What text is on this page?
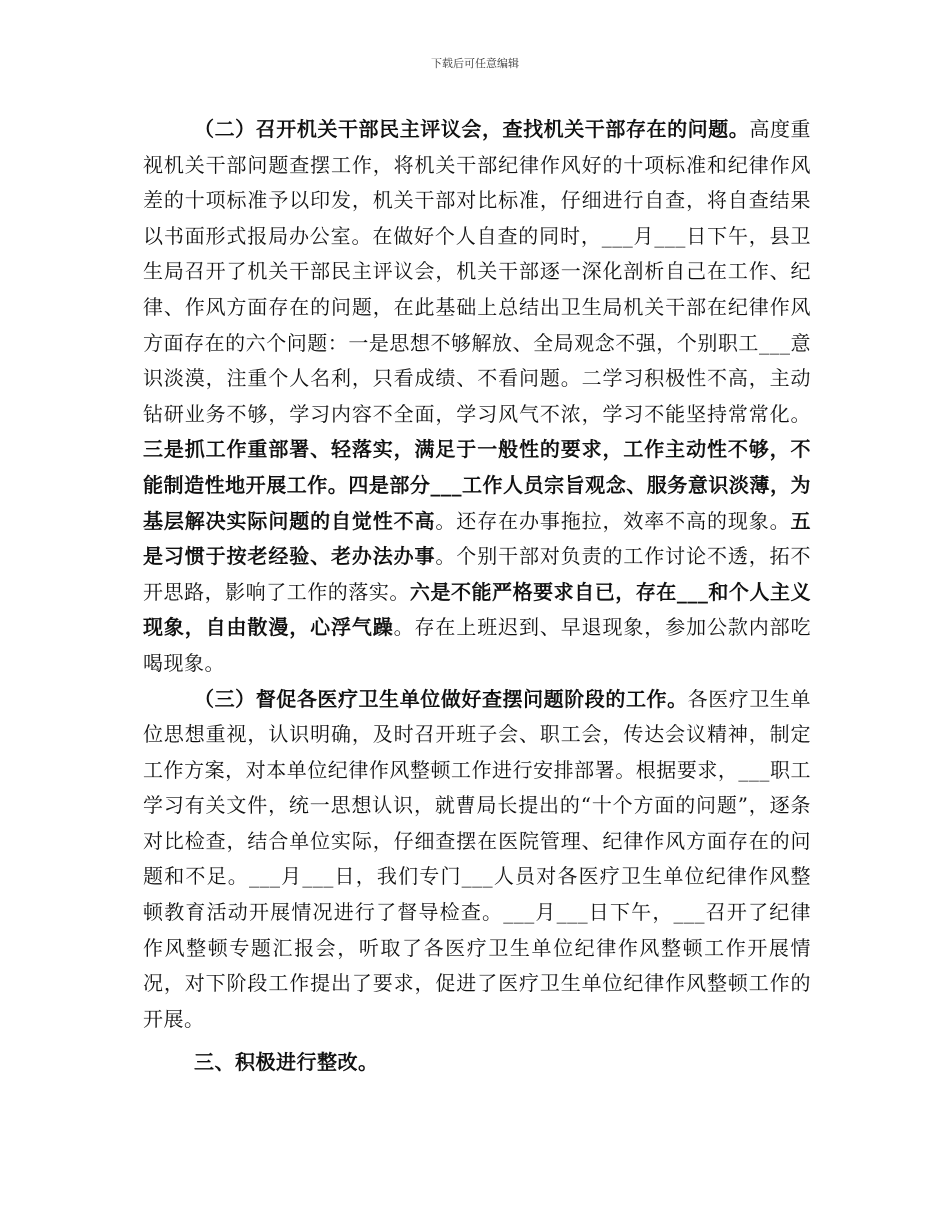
下载后可任意编辑

（二）召开机关干部民主评议会，查找机关干部存在的问题。高度重视机关干部问题查摆工作，将机关干部纪律作风好的十项标准和纪律作风差的十项标准予以印发，机关干部对比标准，仔细进行自查，将自查结果以书面形式报局办公室。在做好个人自查的同时，___月___日下午，县卫生局召开了机关干部民主评议会，机关干部逐一深化剖析自己在工作、纪律、作风方面存在的问题，在此基础上总结出卫生局机关干部在纪律作风方面存在的六个问题：一是思想不够解放、全局观念不强，个别职工___意识淡漠，注重个人名利，只看成绩、不看问题。二学习积极性不高，主动钻研业务不够，学习内容不全面，学习风气不浓，学习不能坚持常常化。三是抓工作重部署、轻落实，满足于一般性的要求，工作主动性不够，不能制造性地开展工作。四是部分___工作人员宗旨观念、服务意识淡薄，为基层解决实际问题的自觉性不高。还存在办事拖拉，效率不高的现象。五是习惯于按老经验、老办法办事。个别干部对负责的工作讨论不透，拓不开思路，影响了工作的落实。六是不能严格要求自已，存在___和个人主义现象，自由散漫，心浮气躁。存在上班迟到、早退现象，参加公款内部吃喝现象。

（三）督促各医疗卫生单位做好查摆问题阶段的工作。各医疗卫生单位思想重视，认识明确，及时召开班子会、职工会，传达会议精神，制定工作方案，对本单位纪律作风整顿工作进行安排部署。根据要求，___职工学习有关文件，统一思想认识，就曹局长提出的“十个方面的问题”，逐条对比检查，结合单位实际，仔细查摆在医院管理、纪律作风方面存在的问题和不足。___月___日，我们专门___人员对各医疗卫生单位纪律作风整顿教育活动开展情况进行了督导检查。___月___日下午，___召开了纪律作风整顿专题汇报会，听取了各医疗卫生单位纪律作风整顿工作开展情况，对下阶段工作提出了要求，促进了医疗卫生单位纪律作风整顿工作的开展。

三、积极进行整改。
